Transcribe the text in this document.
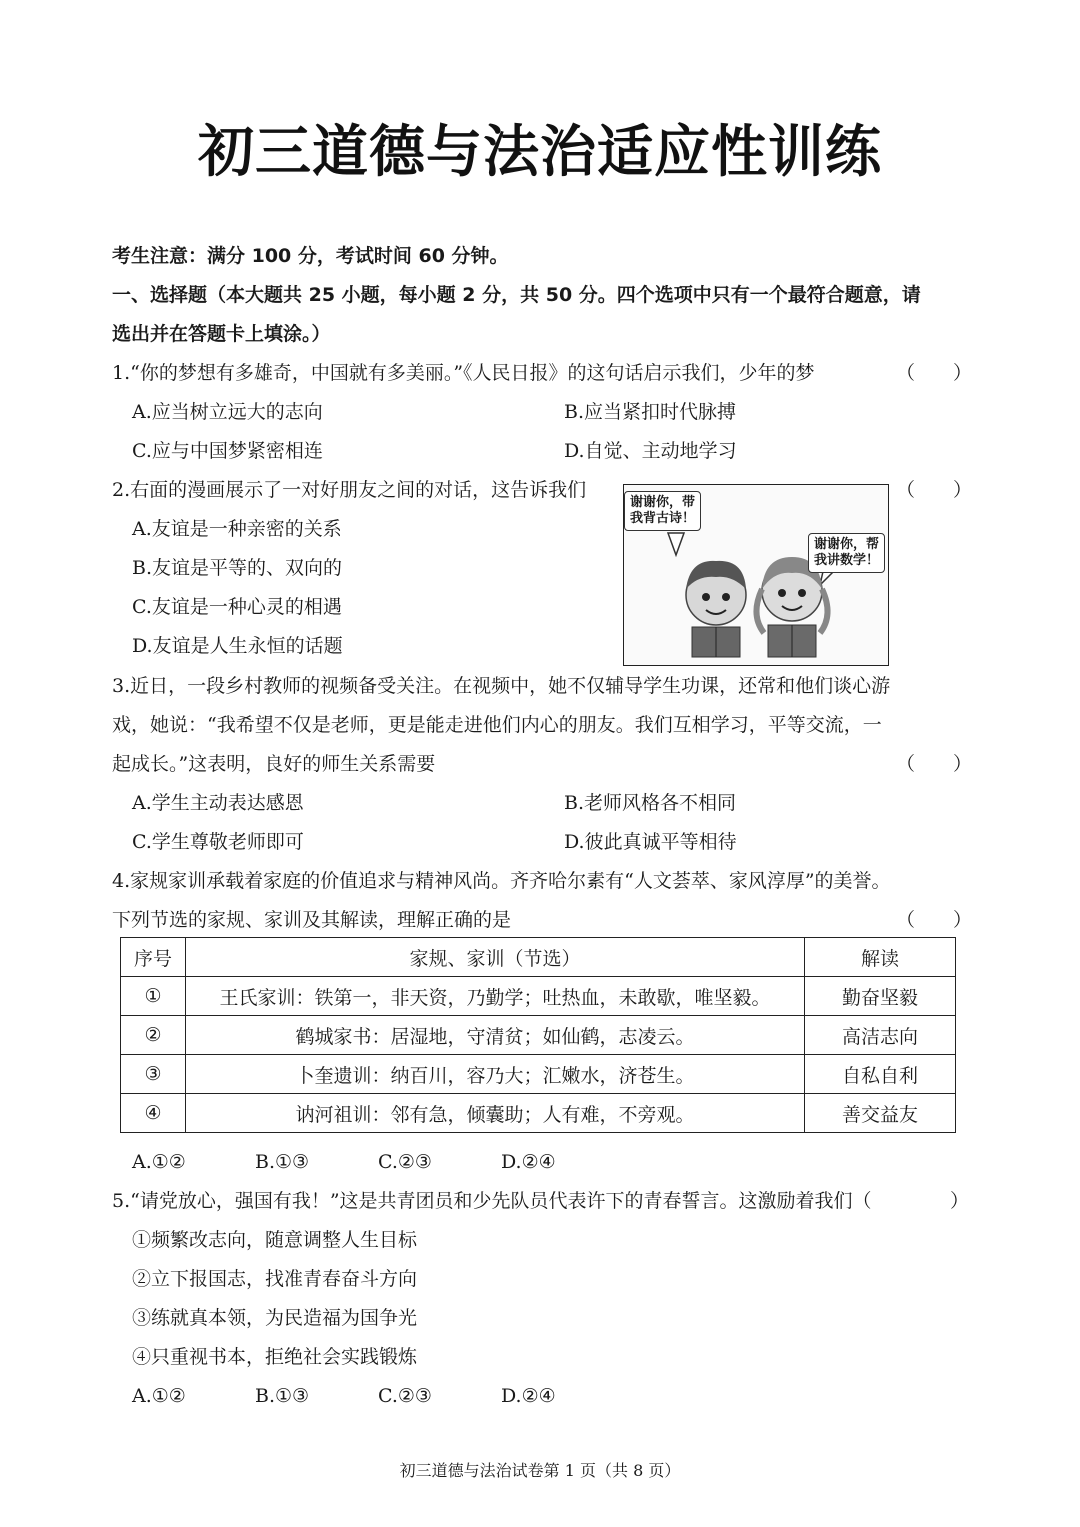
初三道德与法治适应性训练
考生注意：满分 100 分，考试时间 60 分钟。
一、选择题（本大题共 25 小题，每小题 2 分，共 50 分。四个选项中只有一个最符合题意，请
选出并在答题卡上填涂。）
1.“你的梦想有多雄奇，中国就有多美丽。”《人民日报》的这句话启示我们，少年的梦	（　　）
A.应当树立远大的志向	B.应当紧扣时代脉搏
C.应与中国梦紧密相连	D.自觉、主动地学习
2.右面的漫画展示了一对好朋友之间的对话，这告诉我们	（　　）
A.友谊是一种亲密的关系
B.友谊是平等的、双向的
C.友谊是一种心灵的相遇
D.友谊是人生永恒的话题
谢谢你，带
我背古诗！
谢谢你，帮
我讲数学！
3.近日，一段乡村教师的视频备受关注。在视频中，她不仅辅导学生功课，还常和他们谈心游
戏，她说：“我希望不仅是老师，更是能走进他们内心的朋友。我们互相学习，平等交流，一
起成长。”这表明，良好的师生关系需要	（　　）
A.学生主动表达感恩	B.老师风格各不相同
C.学生尊敬老师即可	D.彼此真诚平等相待
4.家规家训承载着家庭的价值追求与精神风尚。齐齐哈尔素有“人文荟萃、家风淳厚”的美誉。
下列节选的家规、家训及其解读，理解正确的是	（　　）
序号	家规、家训（节选）	解读
①	王氏家训：铁第一，非天资，乃勤学；吐热血，未敢歇，唯坚毅。	勤奋坚毅
②	鹤城家书：居湿地，守清贫；如仙鹤，志凌云。	高洁志向
③	卜奎遗训：纳百川，容乃大；汇嫩水，济苍生。	自私自利
④	讷河祖训：邻有急，倾囊助；人有难，不旁观。	善交益友
A.①②	B.①③	C.②③	D.②④
5.“请党放心，强国有我！”这是共青团员和少先队员代表许下的青春誓言。这激励着我们（	）
①频繁改志向，随意调整人生目标
②立下报国志，找准青春奋斗方向
③练就真本领，为民造福为国争光
④只重视书本，拒绝社会实践锻炼
A.①②	B.①③	C.②③	D.②④
初三道德与法治试卷第 1 页（共 8 页）
